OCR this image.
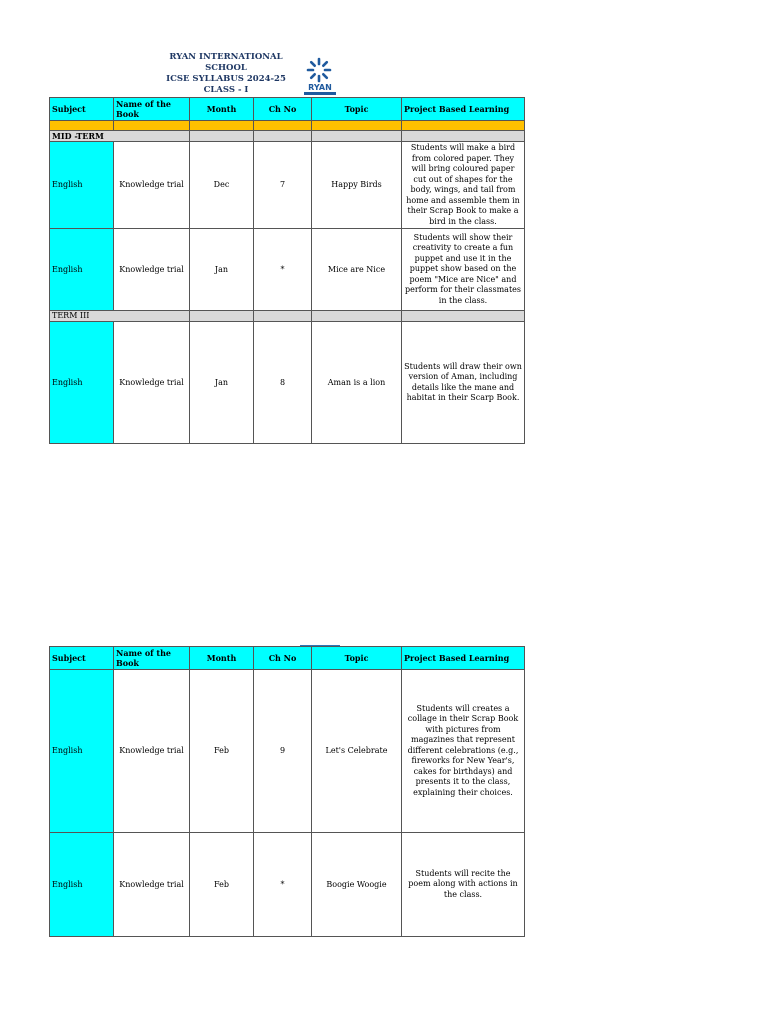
RYAN INTERNATIONAL SCHOOL
ICSE SYLLABUS 2024-25
CLASS - I	RYAN
Subject	Name of the Book	Month	Ch No	Topic	Project Based Learning

MID -TERM					
English	Knowledge trial	Dec	7	Happy Birds	Students will make a bird from colored paper. They will bring coloured paper cut out of shapes for the body, wings, and tail from home and assemble them in their Scrap Book to make a bird in the class.
English	Knowledge trial	Jan	*	Mice are Nice	Students will show their creativity to create a fun puppet and use it in the puppet show based on the poem "Mice are Nice" and perform for their classmates in the class.
TERM III					
English	Knowledge trial	Jan	8	Aman is a lion	Students will draw their own version of Aman, including details like the mane and habitat in their Scarp Book.
Subject	Name of the Book	Month	Ch No	Topic	Project Based Learning
English	Knowledge trial	Feb	9	Let's Celebrate	Students will creates a collage in their Scrap Book with pictures from magazines that represent different celebrations (e.g., fireworks for New Year's, cakes for birthdays) and presents it to the class, explaining their choices.
English	Knowledge trial	Feb	*	Boogie Woogie	Students will recite the poem along with actions in the class.
